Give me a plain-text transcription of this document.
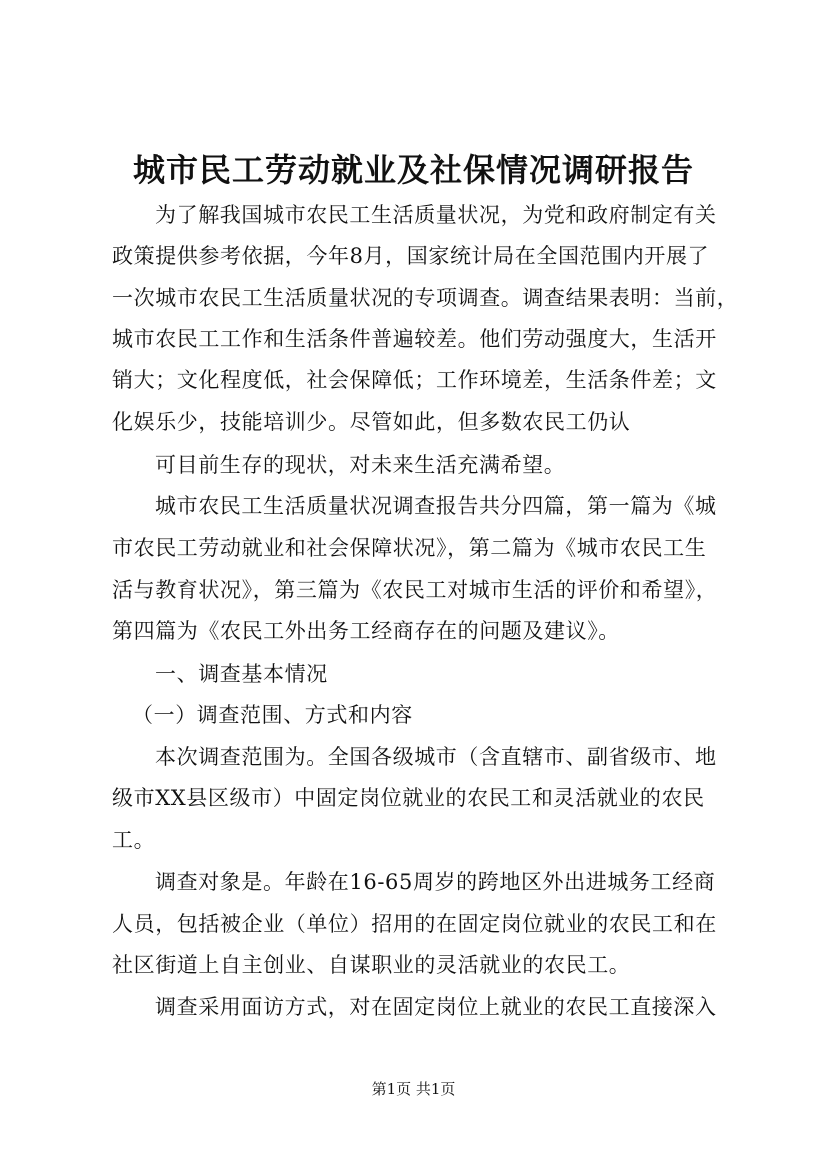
城市民工劳动就业及社保情况调研报告
为了解我国城市农民工生活质量状况，为党和政府制定有关
政策提供参考依据，今年8月，国家统计局在全国范围内开展了
一次城市农民工生活质量状况的专项调查。调查结果表明：当前，
城市农民工工作和生活条件普遍较差。他们劳动强度大，生活开
销大；文化程度低，社会保障低；工作环境差，生活条件差；文
化娱乐少，技能培训少。尽管如此，但多数农民工仍认
可目前生存的现状，对未来生活充满希望。
城市农民工生活质量状况调查报告共分四篇，第一篇为《城
市农民工劳动就业和社会保障状况》，第二篇为《城市农民工生
活与教育状况》，第三篇为《农民工对城市生活的评价和希望》，
第四篇为《农民工外出务工经商存在的问题及建议》。
一、调查基本情况
（一）调查范围、方式和内容
本次调查范围为。全国各级城市（含直辖市、副省级市、地
级市XX县区级市）中固定岗位就业的农民工和灵活就业的农民
工。
调查对象是。年龄在16-65周岁的跨地区外出进城务工经商
人员，包括被企业（单位）招用的在固定岗位就业的农民工和在
社区街道上自主创业、自谋职业的灵活就业的农民工。
调查采用面访方式，对在固定岗位上就业的农民工直接深入
第1页 共1页
